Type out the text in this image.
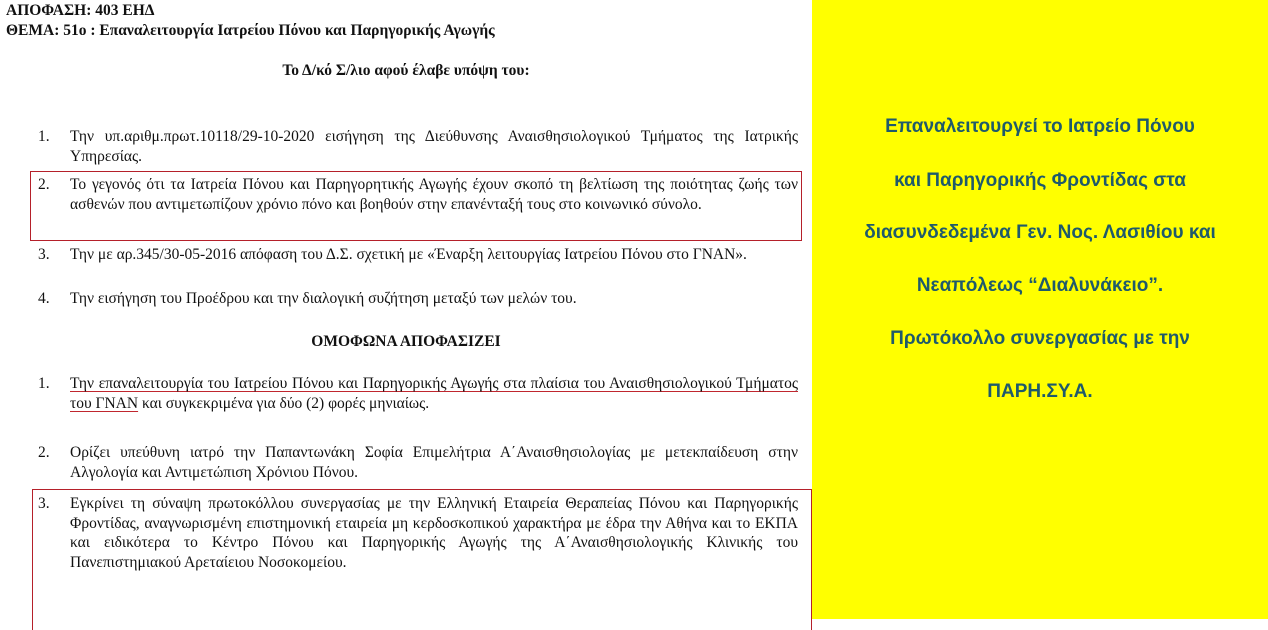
ΑΠΟΦΑΣΗ: 403 ΕΗΔ
ΘΕΜΑ: 51ο : Επαναλειτουργία Ιατρείου Πόνου και Παρηγορικής Αγωγής
Το Δ/κό Σ/λιο αφού έλαβε υπόψη του:
1. Την υπ.αριθμ.πρωτ.10118/29-10-2020 εισήγηση της Διεύθυνσης Αναισθησιολογικού Τμήματος της Ιατρικής Υπηρεσίας.
2. Το γεγονός ότι τα Ιατρεία Πόνου και Παρηγορητικής Αγωγής έχουν σκοπό τη βελτίωση της ποιότητας ζωής των ασθενών που αντιμετωπίζουν χρόνιο πόνο και βοηθούν στην επανένταξή τους στο κοινωνικό σύνολο.
3. Την με αρ.345/30-05-2016 απόφαση του Δ.Σ. σχετική με «Έναρξη λειτουργίας Ιατρείου Πόνου στο ΓΝΑΝ».
4. Την εισήγηση του Προέδρου και την διαλογική συζήτηση μεταξύ των μελών του.
ΟΜΟΦΩΝΑ ΑΠΟΦΑΣΙΖΕΙ
1. Την επαναλειτουργία του Ιατρείου Πόνου και Παρηγορικής Αγωγής στα πλαίσια του Αναισθησιολογικού Τμήματος του ΓΝΑΝ και συγκεκριμένα για δύο (2) φορές μηνιαίως.
2. Ορίζει υπεύθυνη ιατρό την Παπαντωνάκη Σοφία Επιμελήτρια Α΄Αναισθησιολογίας με μετεκπαίδευση στην Αλγολογία και Αντιμετώπιση Χρόνιου Πόνου.
3. Εγκρίνει τη σύναψη πρωτοκόλλου συνεργασίας με την Ελληνική Εταιρεία Θεραπείας Πόνου και Παρηγορικής Φροντίδας, αναγνωρισμένη επιστημονική εταιρεία μη κερδοσκοπικού χαρακτήρα με έδρα την Αθήνα και το ΕΚΠΑ και ειδικότερα το Κέντρο Πόνου και Παρηγορικής Αγωγής της Α΄Αναισθησιολογικής Κλινικής του Πανεπιστημιακού Αρεταίειου Νοσοκομείου.
Επαναλειτουργεί το Ιατρείο Πόνου
και Παρηγορικής Φροντίδας στα
διασυνδεδεμένα Γεν. Νος. Λασιθίου και
Νεαπόλεως “Διαλυνάκειο”.
Πρωτόκολλο συνεργασίας με την
ΠΑΡΗ.ΣΥ.Α.
